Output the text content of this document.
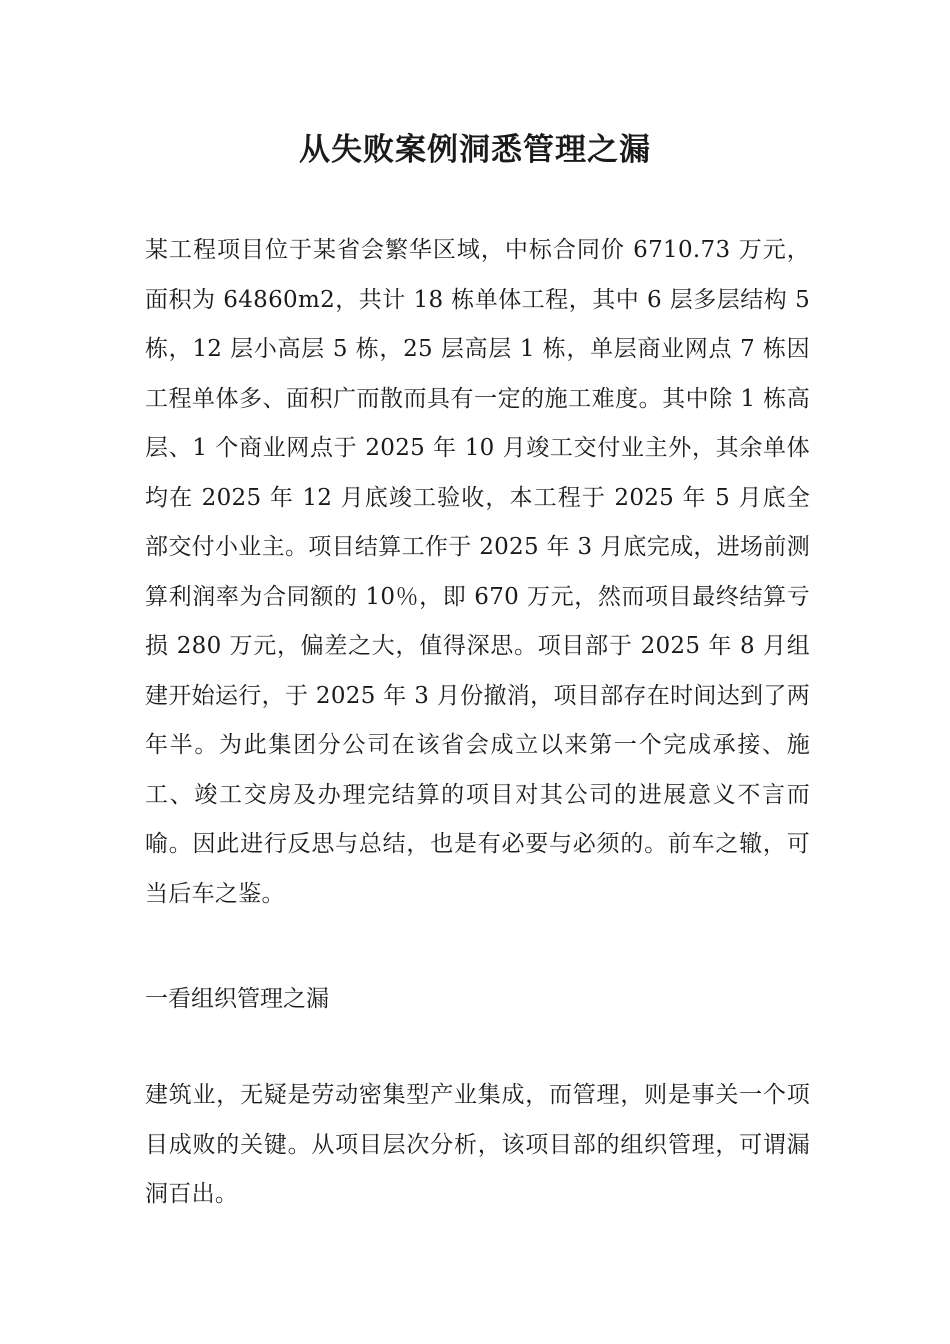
从失败案例洞悉管理之漏

某工程项目位于某省会繁华区域，中标合同价 6710.73 万元，面积为 64860m2，共计 18 栋单体工程，其中 6 层多层结构 5 栋，12 层小高层 5 栋，25 层高层 1 栋，单层商业网点 7 栋因工程单体多、面积广而散而具有一定的施工难度。其中除 1 栋高层、1 个商业网点于 2025 年 10 月竣工交付业主外，其余单体均在 2025 年 12 月底竣工验收，本工程于 2025 年 5 月底全部交付小业主。项目结算工作于 2025 年 3 月底完成，进场前测算利润率为合同额的 10％，即 670 万元，然而项目最终结算亏损 280 万元，偏差之大，值得深思。项目部于 2025 年 8 月组建开始运行，于 2025 年 3 月份撤消，项目部存在时间达到了两年半。为此集团分公司在该省会成立以来第一个完成承接、施工、竣工交房及办理完结算的项目对其公司的进展意义不言而喻。因此进行反思与总结，也是有必要与必须的。前车之辙，可当后车之鉴。

一看组织管理之漏

建筑业，无疑是劳动密集型产业集成，而管理，则是事关一个项目成败的关键。从项目层次分析，该项目部的组织管理，可谓漏洞百出。
